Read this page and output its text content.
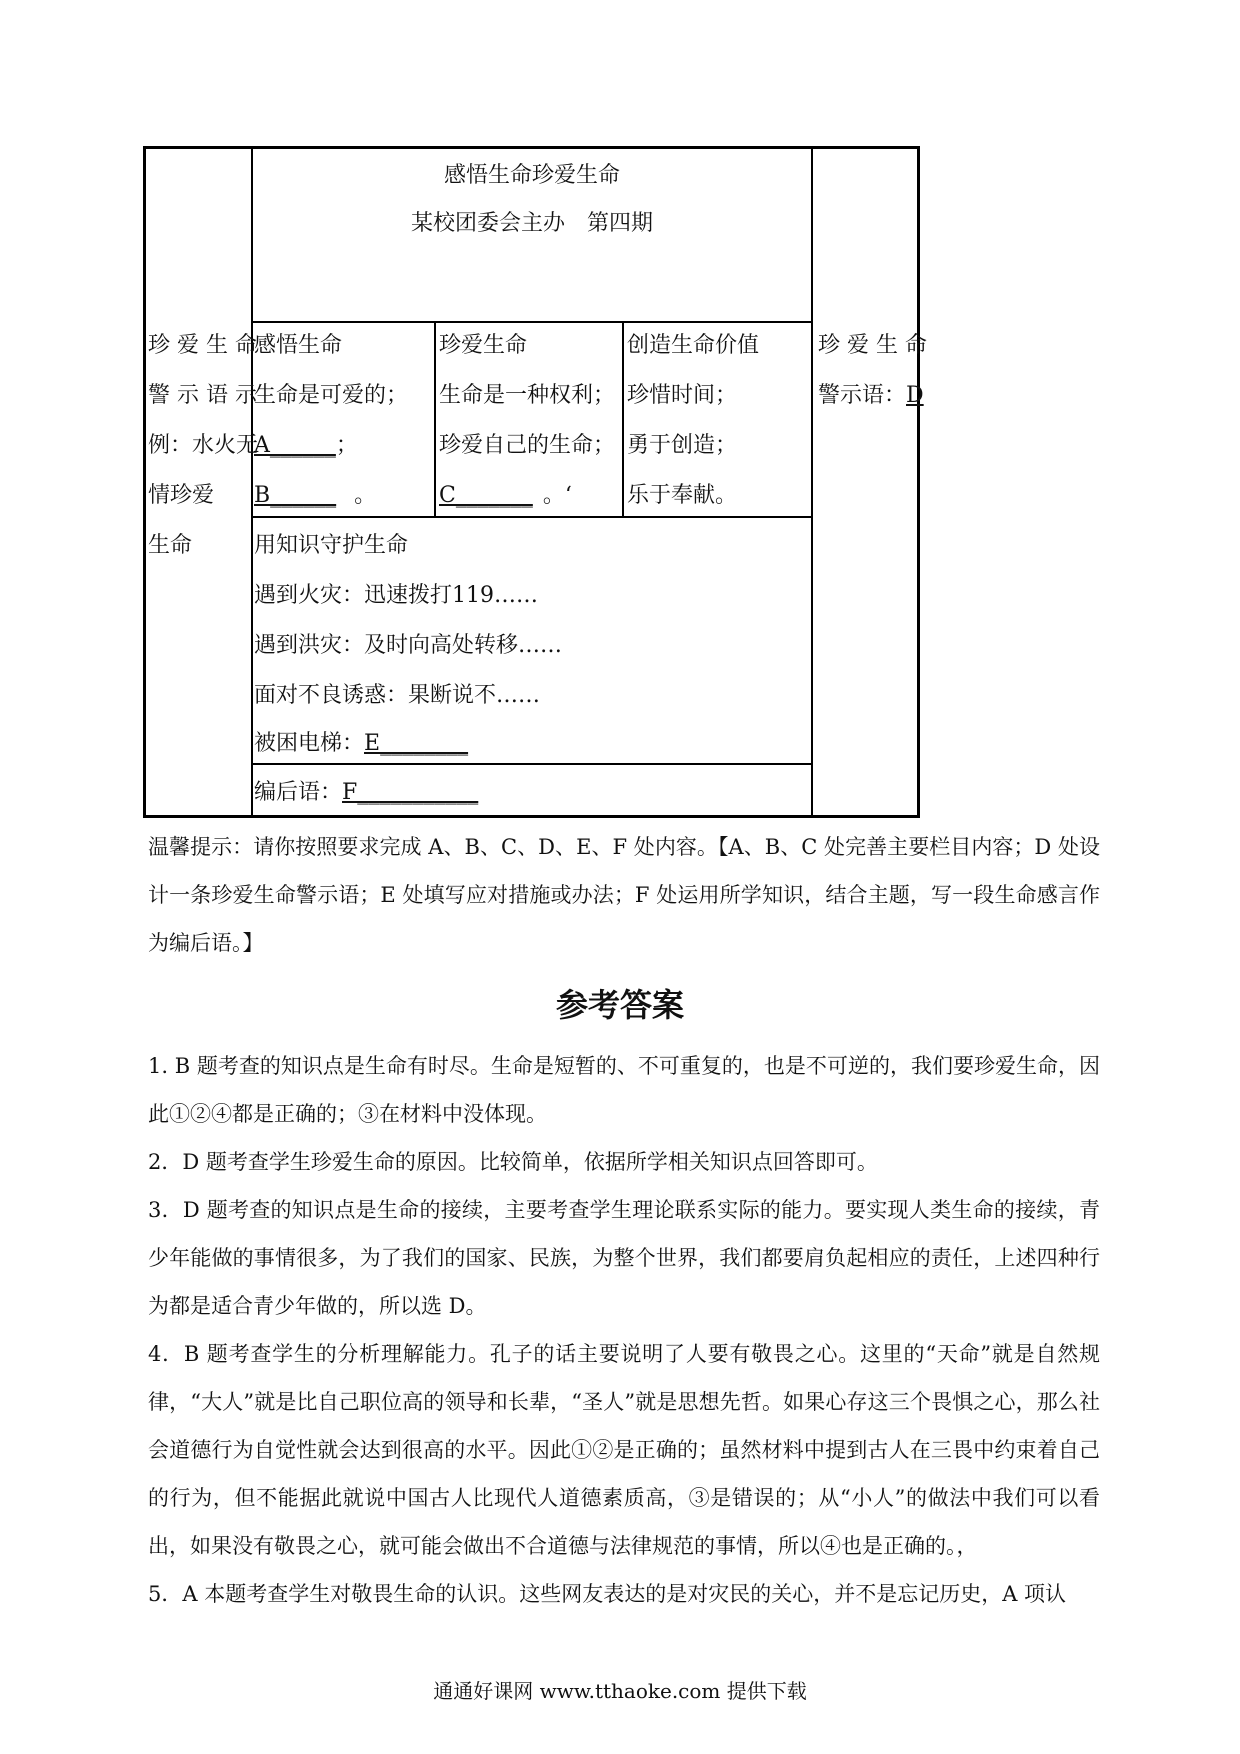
感悟生命珍爱生命
某校团委会主办　第四期
珍 爱 生 命
警 示 语 示
例：水火无
情珍爱
生命
感悟生命
生命是可爱的；
A______；
B______ 。
珍爱生命
生命是一种权利；
珍爱自己的生命；
C_______ 。‘
创造生命价值
珍惜时间；
勇于创造；
乐于奉献。
珍 爱 生 命
警示语：D
用知识守护生命
遇到火灾：迅速拨打119……
遇到洪灾：及时向高处转移……
面对不良诱惑：果断说不……
被困电梯：E________
编后语：F___________

温馨提示：请你按照要求完成 A、B、C、D、E、F 处内容。【A、B、C 处完善主要栏目内容；D 处设计一条珍爱生命警示语；E 处填写应对措施或办法；F 处运用所学知识，结合主题，写一段生命感言作为编后语。】

参考答案

1. B 题考查的知识点是生命有时尽。生命是短暂的、不可重复的，也是不可逆的，我们要珍爱生命，因此①②④都是正确的；③在材料中没体现。

2．D 题考查学生珍爱生命的原因。比较简单，依据所学相关知识点回答即可。

3．D 题考查的知识点是生命的接续，主要考查学生理论联系实际的能力。要实现人类生命的接续，青少年能做的事情很多，为了我们的国家、民族，为整个世界，我们都要肩负起相应的责任，上述四种行为都是适合青少年做的，所以选 D。

4．B 题考查学生的分析理解能力。孔子的话主要说明了人要有敬畏之心。这里的“天命”就是自然规律，“大人”就是比自己职位高的领导和长辈，“圣人”就是思想先哲。如果心存这三个畏惧之心，那么社会道德行为自觉性就会达到很高的水平。因此①②是正确的；虽然材料中提到古人在三畏中约束着自己的行为，但不能据此就说中国古人比现代人道德素质高，③是错误的；从“小人”的做法中我们可以看出，如果没有敬畏之心，就可能会做出不合道德与法律规范的事情，所以④也是正确的。，

5．A 本题考查学生对敬畏生命的认识。这些网友表达的是对灾民的关心，并不是忘记历史，A 项认

通通好课网 www.tthaoke.com 提供下载
